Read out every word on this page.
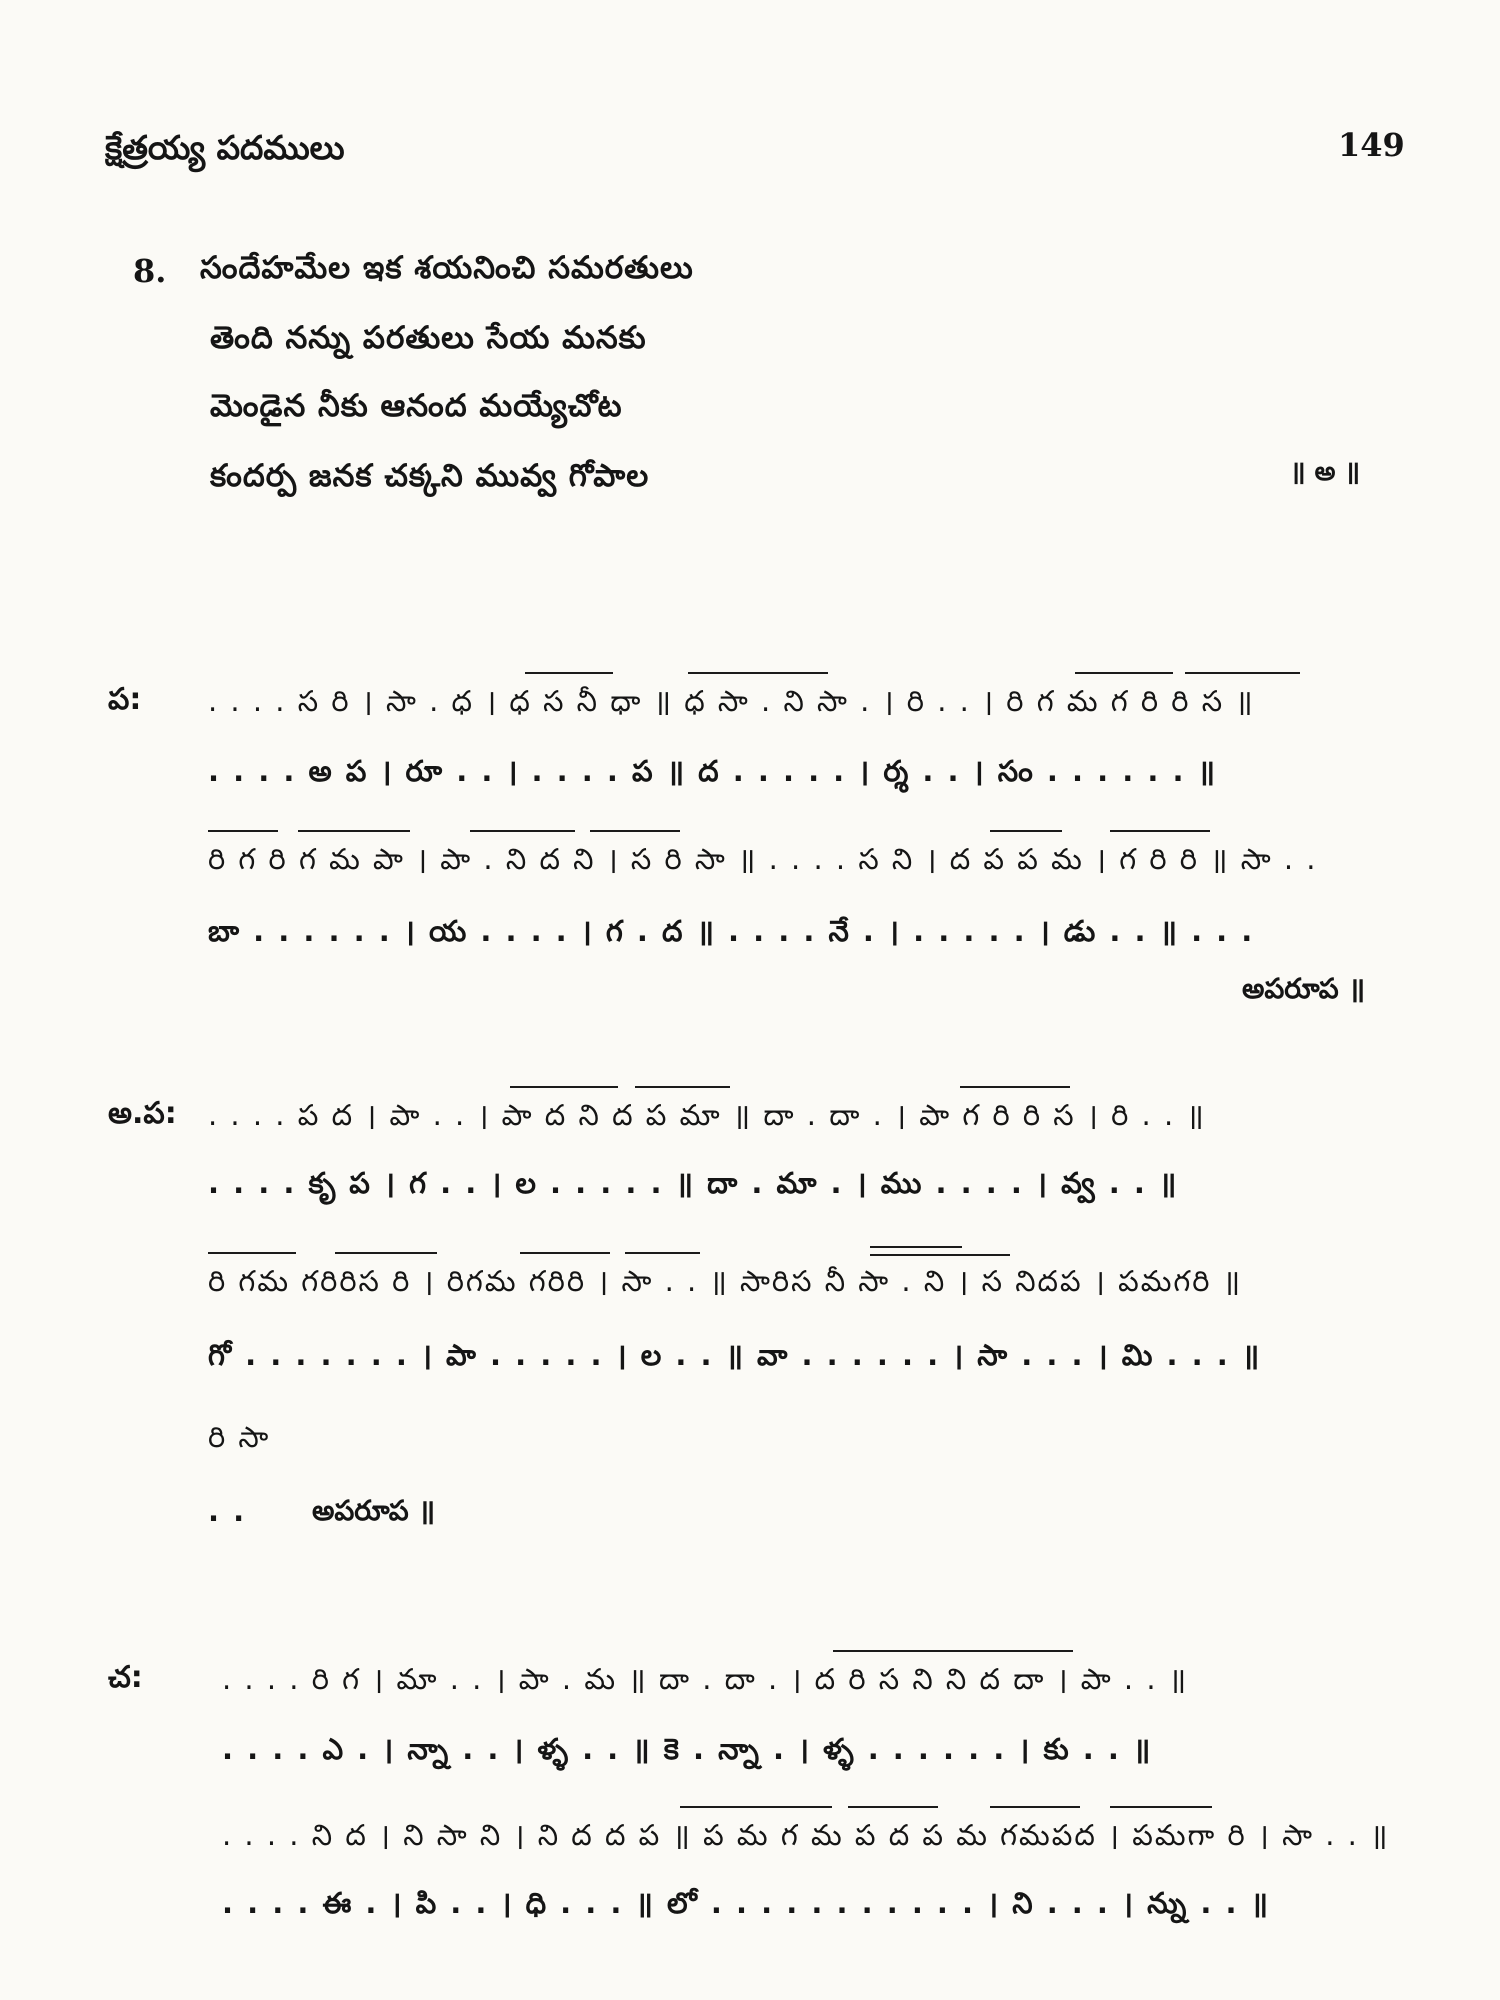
క్షేత్రయ్య పదములు	149
8. సందేహమేల ఇక శయనించి సమరతులు
తెంది నన్ను పరతులు సేయ మనకు
మెండైన నీకు ఆనంద మయ్యేచోట
కందర్ప జనక చక్కని మువ్వ గోపాల	॥ అ ॥
ప: . . . . స రి । సా . ధ । ధ స నీ ధా ॥ ధ సా . ని సా . । రి . . । రి గ మ గ రి రి స ॥
. . . . అ ప । రూ . . । . . . . ప ॥ ద . . . . . । ర్శ . . । సం . . . . . . ॥
రి గ రి గ మ పా । పా . ని ద ని । స రి సా ॥ . . . . స ని । ద ప ప మ । గ రి రి ॥ సా . .
బా . . . . . . । య . . . . । గ . ద ॥ . . . . నే . । . . . . . । డు . . ॥ . . .
అపరూప ॥
అ.ప: . . . . ప ద । పా . . । పా ద ని ద ప మా ॥ దా . దా . । పా గ రి రి స । రి . . ॥
. . . . కృ ప । గ . . । ల . . . . . ॥ దా . మా . । ము . . . . । వ్వ . . ॥
రి గమ గరిరిస రి । రిగమ గరిరి । సా . . ॥ సారిస నీ సా . ని । స నిదప । పమగరి ॥
గో . . . . . . . । పా . . . . . । ల . . ॥ వా . . . . . . । సా . . . । మి . . . ॥
రి సా
. . అపరూప ॥
చ:	. . . . రి గ । మా . . । పా . మ ॥ దా . దా . । ద రి స ని ని ద దా । పా . . ॥
. . . . ఎ . । న్నా . . । ళ్ళ . . ॥ కె . న్నా . । ళ్ళ . . . . . . । కు . . ॥
. . . . ని ద । ని సా ని । ని ద ద ప ॥ ప మ గ మ ప ద ప మ గమపద । పమగా రి । సా . . ॥
. . . . ఈ . । పి . . । ధి . . . ॥ లో . . . . . . . . . . . । ని . . . । న్ను . . ॥
